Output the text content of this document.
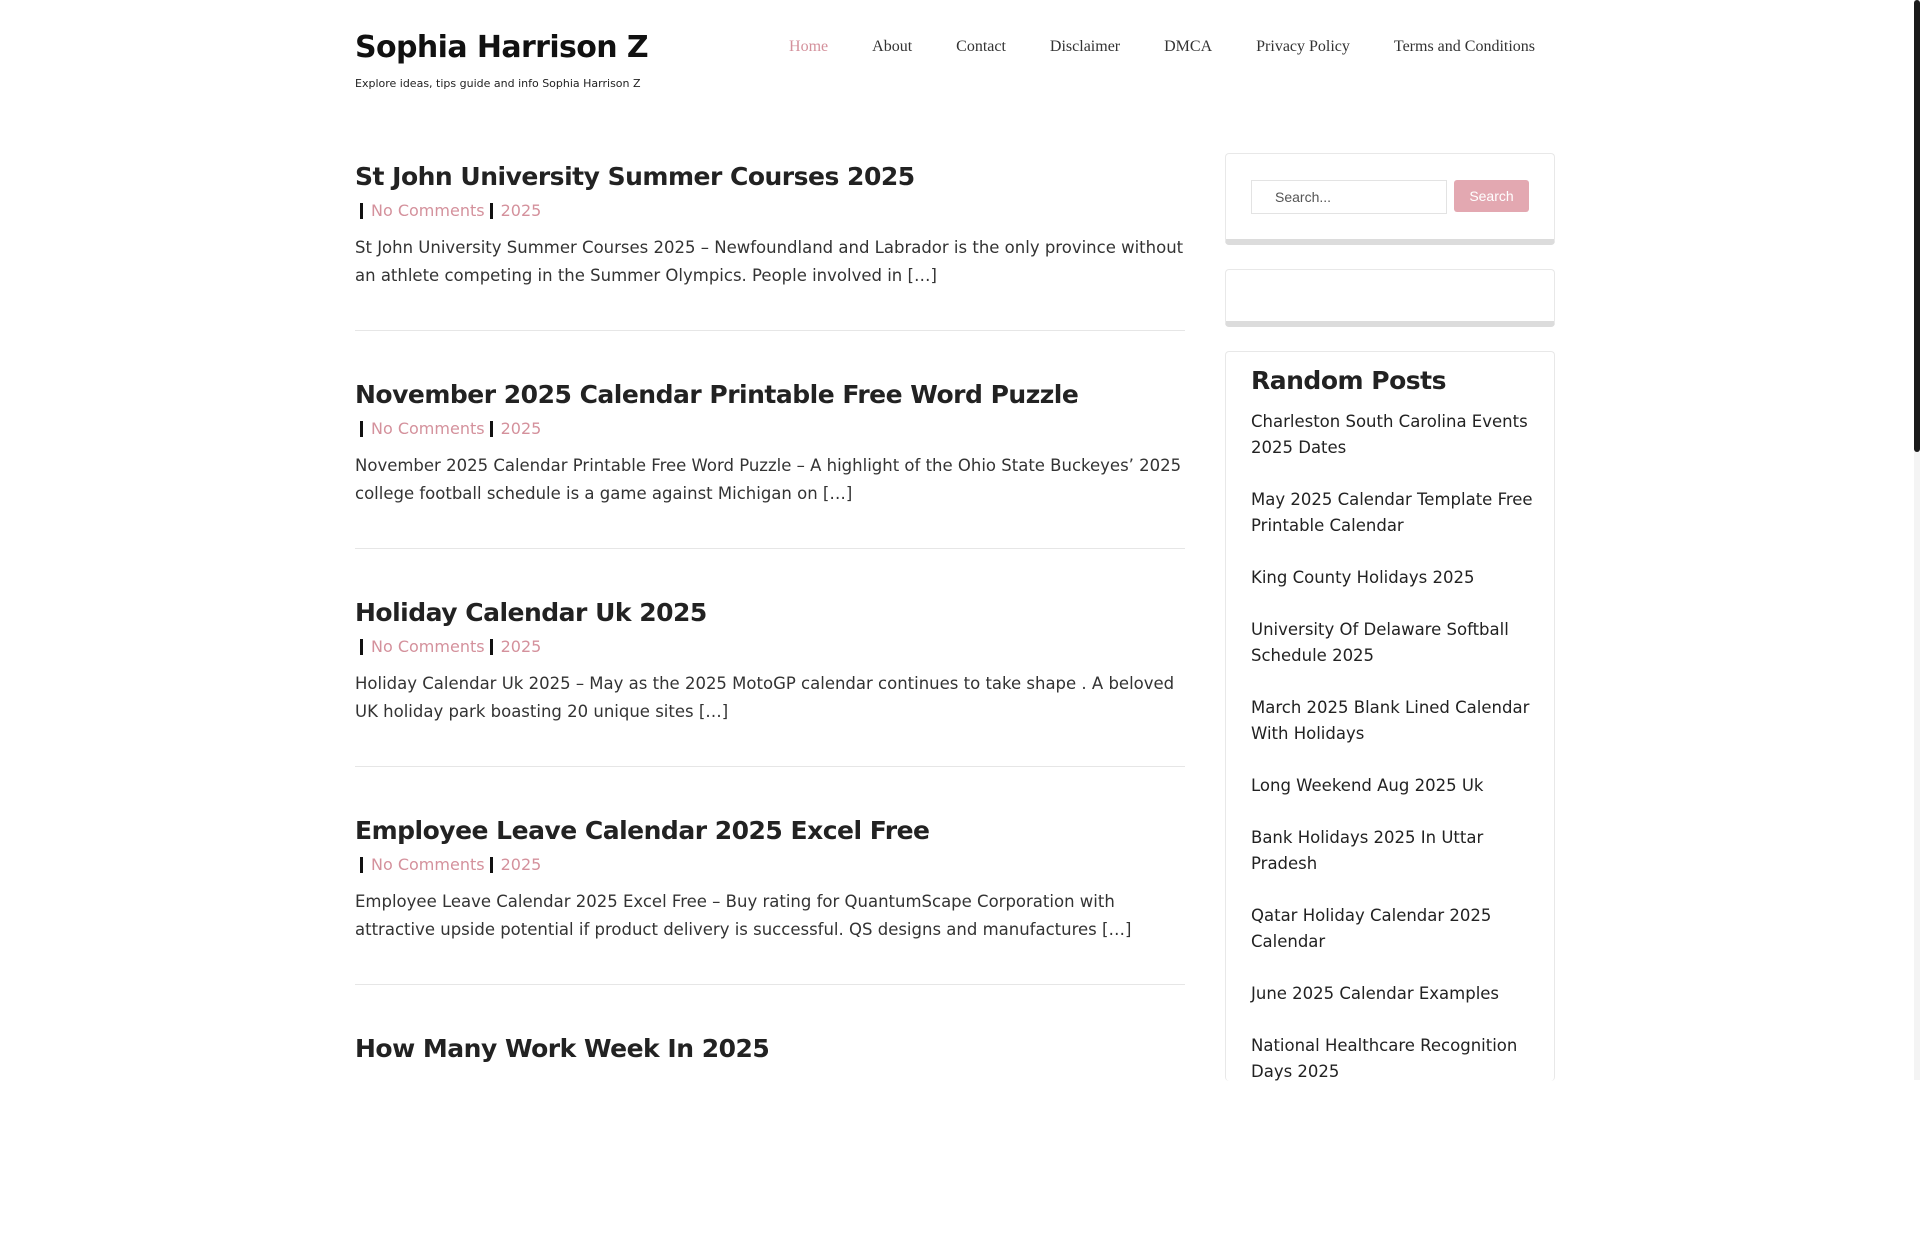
Sophia Harrison Z
Explore ideas, tips guide and info Sophia Harrison Z
Home	About	Contact	Disclaimer	DMCA	Privacy Policy	Terms and Conditions
St John University Summer Courses 2025
No Comments 2025

St John University Summer Courses 2025 – Newfoundland and Labrador is the only province without an athlete competing in the Summer Olympics. People involved in […]

November 2025 Calendar Printable Free Word Puzzle
No Comments 2025

November 2025 Calendar Printable Free Word Puzzle – A highlight of the Ohio State Buckeyes’ 2025 college football schedule is a game against Michigan on […]

Holiday Calendar Uk 2025
No Comments 2025

Holiday Calendar Uk 2025 – May as the 2025 MotoGP calendar continues to take shape . A beloved UK holiday park boasting 20 unique sites […]

Employee Leave Calendar 2025 Excel Free
No Comments 2025

Employee Leave Calendar 2025 Excel Free – Buy rating for QuantumScape Corporation with attractive upside potential if product delivery is successful. QS designs and manufactures […]

How Many Work Week In 2025
Search...
Search
Random Posts
Charleston South Carolina Events 2025 Dates
May 2025 Calendar Template Free Printable Calendar
King County Holidays 2025
University Of Delaware Softball Schedule 2025
March 2025 Blank Lined Calendar With Holidays
Long Weekend Aug 2025 Uk
Bank Holidays 2025 In Uttar Pradesh
Qatar Holiday Calendar 2025 Calendar
June 2025 Calendar Examples
National Healthcare Recognition Days 2025
